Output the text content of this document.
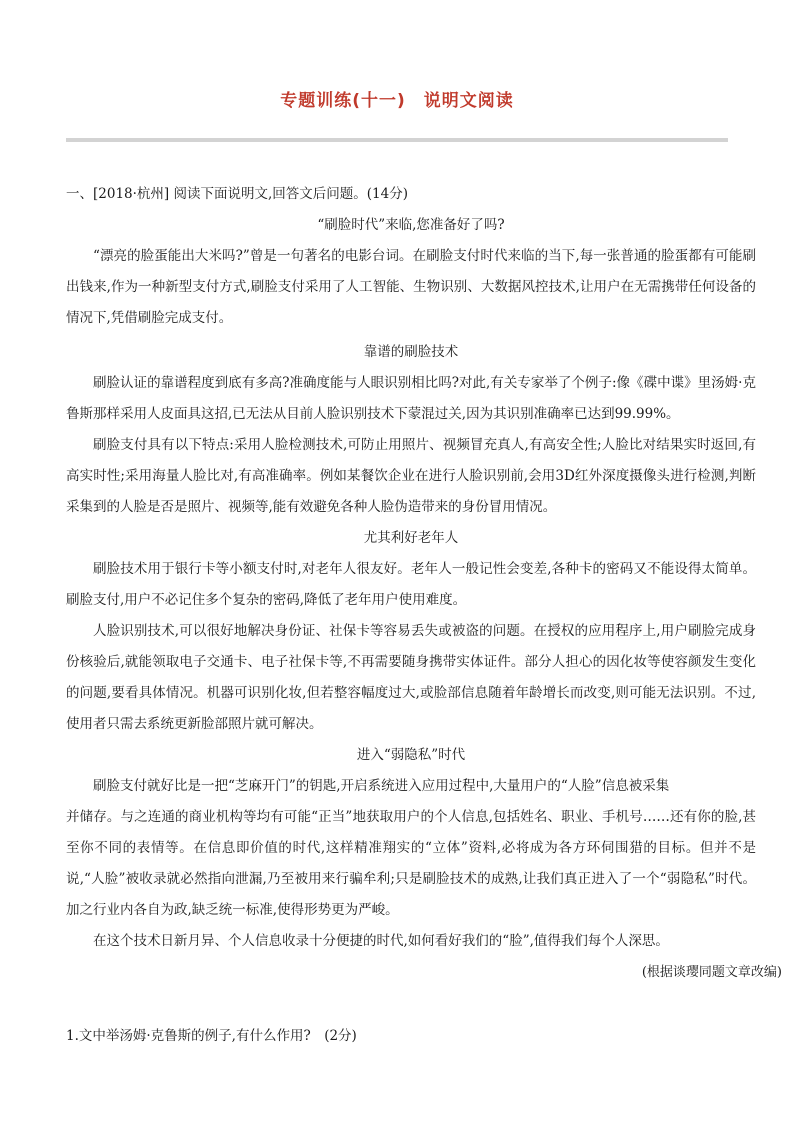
专题训练(十一)　说明文阅读

一、[2018·杭州] 阅读下面说明文,回答文后问题。(14分)

“刷脸时代”来临,您准备好了吗?

“漂亮的脸蛋能出大米吗?”曾是一句著名的电影台词。在刷脸支付时代来临的当下,每一张普通的脸蛋都有可能刷出钱来,作为一种新型支付方式,刷脸支付采用了人工智能、生物识别、大数据风控技术,让用户在无需携带任何设备的情况下,凭借刷脸完成支付。

靠谱的刷脸技术

刷脸认证的靠谱程度到底有多高?准确度能与人眼识别相比吗?对此,有关专家举了个例子:像《碟中谍》里汤姆·克鲁斯那样采用人皮面具这招,已无法从目前人脸识别技术下蒙混过关,因为其识别准确率已达到99.99%。

刷脸支付具有以下特点:采用人脸检测技术,可防止用照片、视频冒充真人,有高安全性;人脸比对结果实时返回,有高实时性;采用海量人脸比对,有高准确率。例如某餐饮企业在进行人脸识别前,会用3D红外深度摄像头进行检测,判断采集到的人脸是否是照片、视频等,能有效避免各种人脸伪造带来的身份冒用情况。

尤其利好老年人

刷脸技术用于银行卡等小额支付时,对老年人很友好。老年人一般记性会变差,各种卡的密码又不能设得太简单。刷脸支付,用户不必记住多个复杂的密码,降低了老年用户使用难度。

人脸识别技术,可以很好地解决身份证、社保卡等容易丢失或被盗的问题。在授权的应用程序上,用户刷脸完成身份核验后,就能领取电子交通卡、电子社保卡等,不再需要随身携带实体证件。部分人担心的因化妆等使容颜发生变化的问题,要看具体情况。机器可识别化妆,但若整容幅度过大,或脸部信息随着年龄增长而改变,则可能无法识别。不过,使用者只需去系统更新脸部照片就可解决。

进入“弱隐私”时代

刷脸支付就好比是一把“芝麻开门”的钥匙,开启系统进入应用过程中,大量用户的“人脸”信息被采集

并储存。与之连通的商业机构等均有可能“正当”地获取用户的个人信息,包括姓名、职业、手机号……还有你的脸,甚至你不同的表情等。在信息即价值的时代,这样精准翔实的“立体”资料,必将成为各方环伺围猎的目标。但并不是说,“人脸”被收录就必然指向泄漏,乃至被用来行骗牟利;只是刷脸技术的成熟,让我们真正进入了一个“弱隐私”时代。加之行业内各自为政,缺乏统一标准,使得形势更为严峻。

在这个技术日新月异、个人信息收录十分便捷的时代,如何看好我们的“脸”,值得我们每个人深思。

(根据谈璎同题文章改编)

1.文中举汤姆·克鲁斯的例子,有什么作用?　(2分)
